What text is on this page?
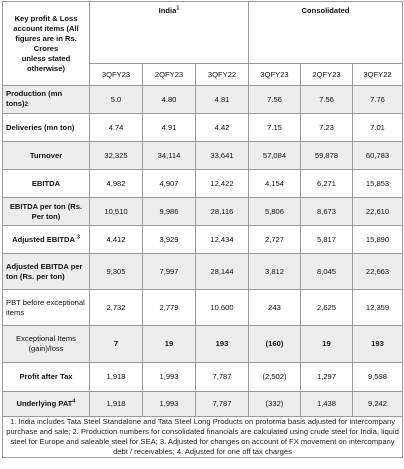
Key profit & Loss
account items (All
figures are in Rs. Crores
unless stated otherwise)	India$^1$			Consolidated		
	3QFY23	2QFY23	3QFY22	3QFY23	2QFY23	3QFY22
Production (mn tons)2	5.0	4.80	4.81	7.56	7.56	7.76
Deliveries (mn ton)	4.74	4.91	4.42	7.15	7.23	7.01
Turnover	32,325	34,114	33,641	57,084	59,878	60,783
EBITDA	4,982	4,907	12,422	4,154	6,271	15,853
EBITDA per ton (Rs. Per ton)	10,510	9,986	28,116	5,806	8,673	22,610
Adjusted EBITDA $^3$	4,412	3,929	12,434	2,727	5,817	15,890
Adjusted EBITDA per
ton (Rs. per ton)	9,305	7,997	28,144	3,812	8,045	22,663
PBT before exceptional
items	2,732	2,779	10,600	243	2,625	12,359
Exceptional Items
(gain)/loss	7	19	193	(160)	19	193
Profit after Tax	1,918	1,993	7,787	(2,502)	1,297	9,598
Underlying PAT$^4$	1,918	1,993	7,787	(332)	1,438	9,242
1. India includes Tata Steel Standalone and Tata Steel Long Products on proforma basis adjusted for intercompany purchase and sale; 2. Production numbers for consolidated financials are calculated using crude steel for India, liquid steel for Europe and saleable steel for SEA; 3. Adjusted for changes on account of FX movement on intercompany debt / receivables; 4. Adjusted for one off tax charges						
